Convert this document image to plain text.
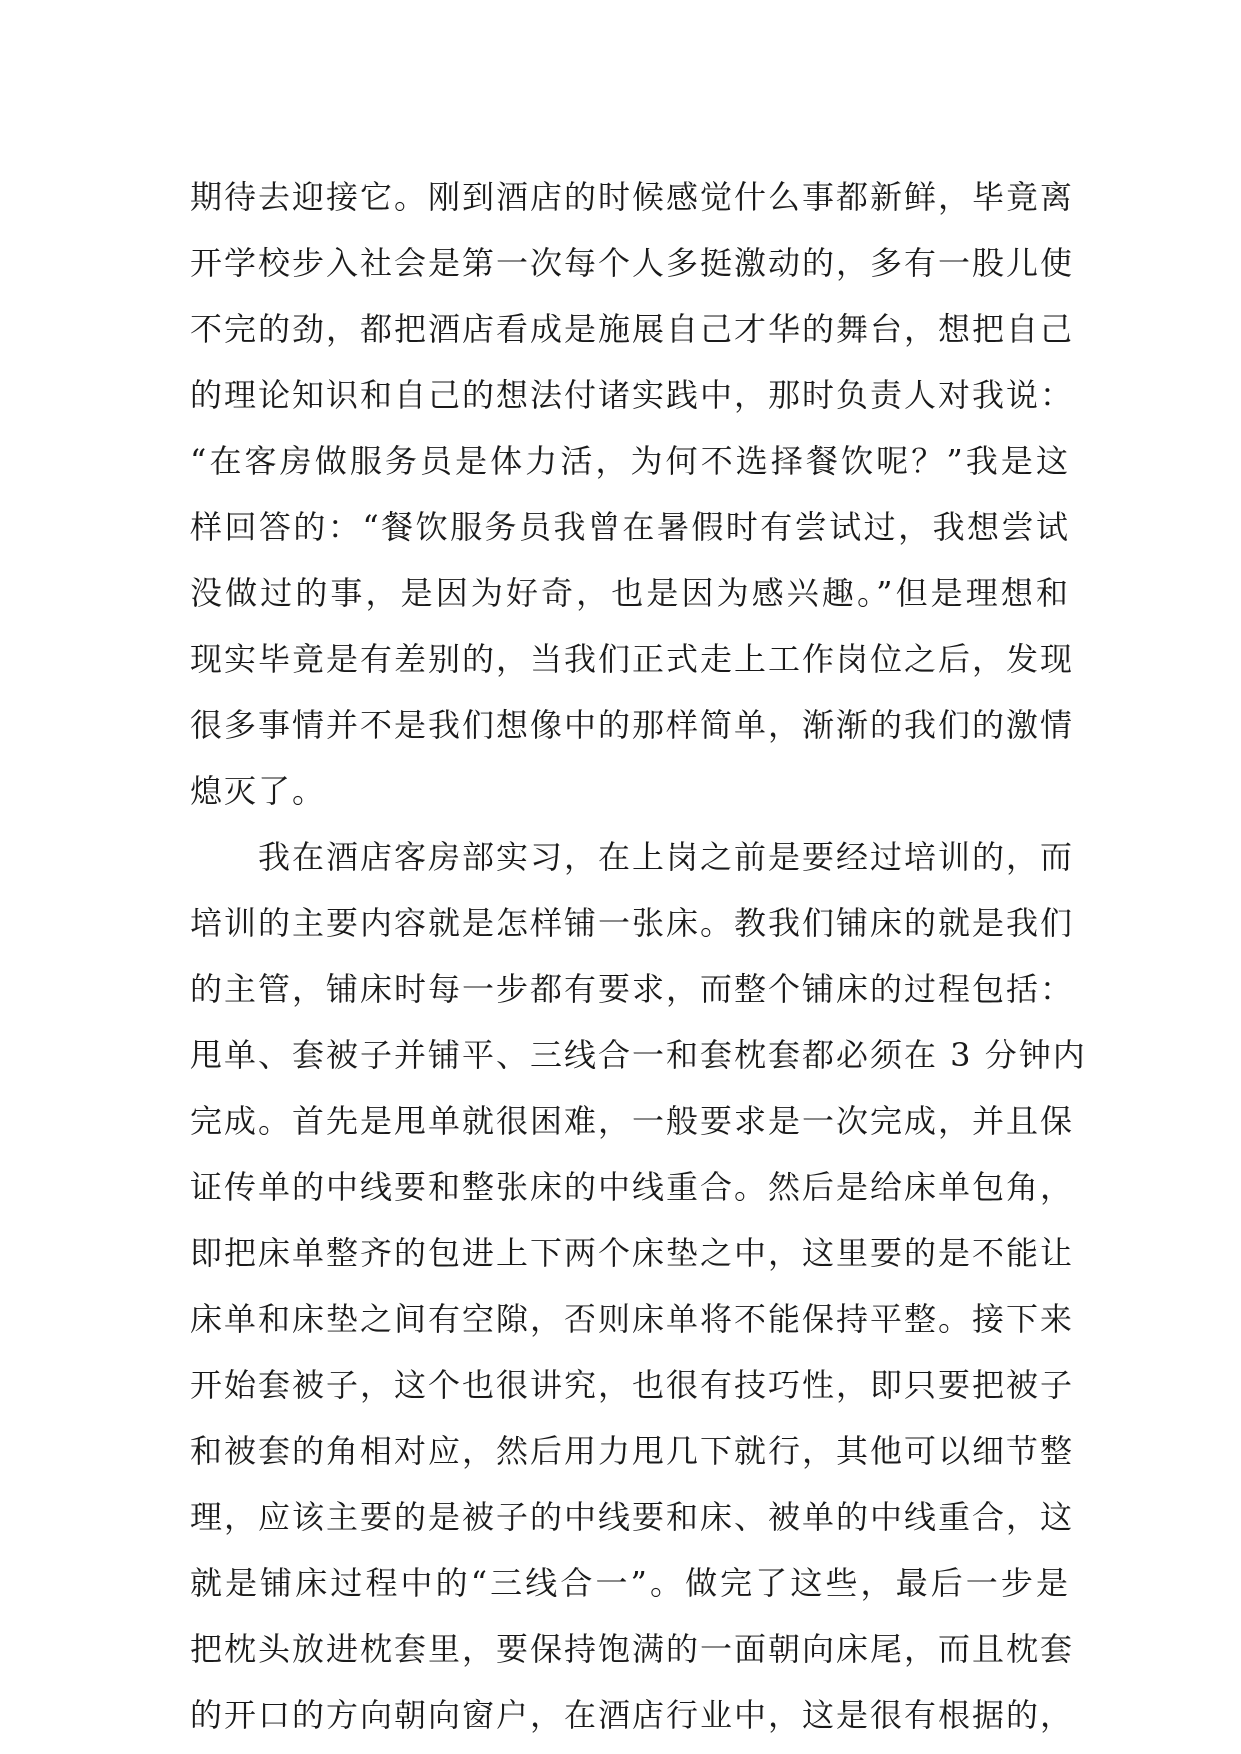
期待去迎接它。刚到酒店的时候感觉什么事都新鲜，毕竟离
开学校步入社会是第一次每个人多挺激动的，多有一股儿使
不完的劲，都把酒店看成是施展自己才华的舞台，想把自己
的理论知识和自己的想法付诸实践中，那时负责人对我说：
“在客房做服务员是体力活，为何不选择餐饮呢？”我是这
样回答的：“餐饮服务员我曾在暑假时有尝试过，我想尝试
没做过的事，是因为好奇，也是因为感兴趣。”但是理想和
现实毕竟是有差别的，当我们正式走上工作岗位之后，发现
很多事情并不是我们想像中的那样简单，渐渐的我们的激情
熄灭了。
我在酒店客房部实习，在上岗之前是要经过培训的，而
培训的主要内容就是怎样铺一张床。教我们铺床的就是我们
的主管，铺床时每一步都有要求，而整个铺床的过程包括：
甩单、套被子并铺平、三线合一和套枕套都必须在 3 分钟内
完成。首先是甩单就很困难，一般要求是一次完成，并且保
证传单的中线要和整张床的中线重合。然后是给床单包角，
即把床单整齐的包进上下两个床垫之中，这里要的是不能让
床单和床垫之间有空隙，否则床单将不能保持平整。接下来
开始套被子，这个也很讲究，也很有技巧性，即只要把被子
和被套的角相对应，然后用力甩几下就行，其他可以细节整
理，应该主要的是被子的中线要和床、被单的中线重合，这
就是铺床过程中的“三线合一”。做完了这些，最后一步是
把枕头放进枕套里，要保持饱满的一面朝向床尾，而且枕套
的开口的方向朝向窗户，在酒店行业中，这是很有根据的，
